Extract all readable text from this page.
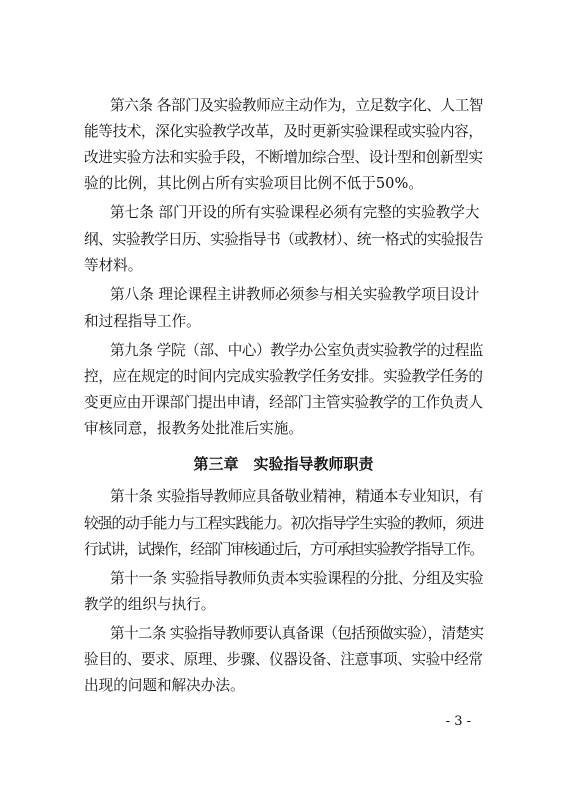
第六条 各部门及实验教师应主动作为，立足数字化、人工智
能等技术，深化实验教学改革，及时更新实验课程或实验内容，
改进实验方法和实验手段，不断增加综合型、设计型和创新型实
验的比例，其比例占所有实验项目比例不低于50%。
第七条 部门开设的所有实验课程必须有完整的实验教学大
纲、实验教学日历、实验指导书（或教材）、统一格式的实验报告
等材料。
第八条 理论课程主讲教师必须参与相关实验教学项目设计
和过程指导工作。
第九条 学院（部、中心）教学办公室负责实验教学的过程监
控，应在规定的时间内完成实验教学任务安排。实验教学任务的
变更应由开课部门提出申请，经部门主管实验教学的工作负责人
审核同意，报教务处批准后实施。
第三章　实验指导教师职责
第十条 实验指导教师应具备敬业精神，精通本专业知识，有
较强的动手能力与工程实践能力。初次指导学生实验的教师，须进
行试讲，试操作，经部门审核通过后，方可承担实验教学指导工作。
第十一条 实验指导教师负责本实验课程的分批、分组及实验
教学的组织与执行。
第十二条 实验指导教师要认真备课（包括预做实验），清楚实
验目的、要求、原理、步骤、仪器设备、注意事项、实验中经常
出现的问题和解决办法。
- 3 -
